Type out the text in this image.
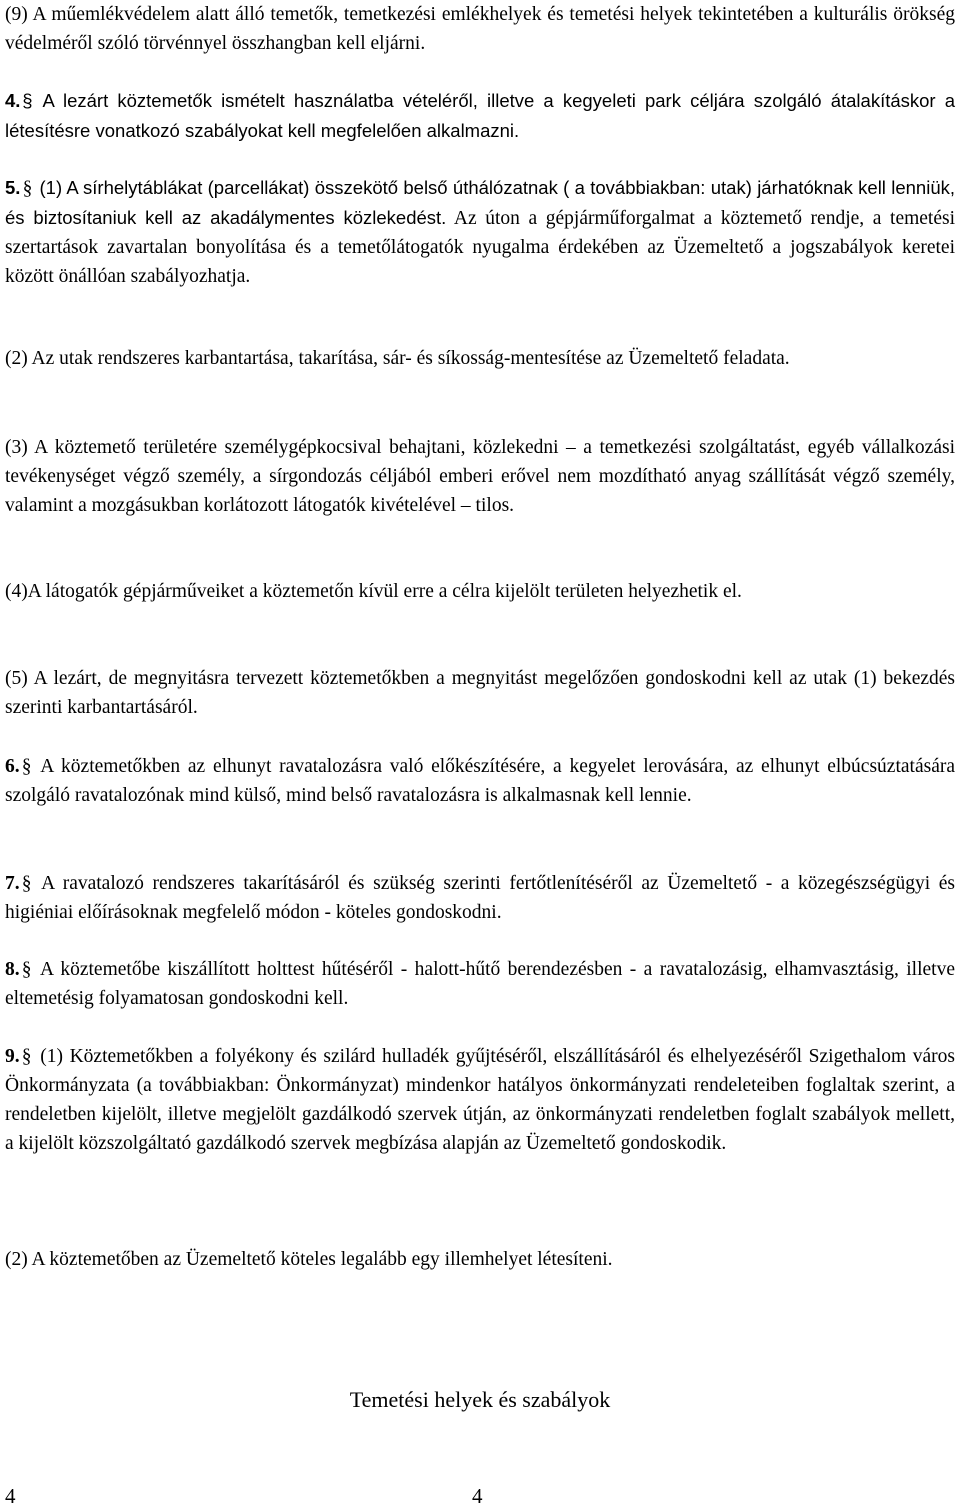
(9) A műemlékvédelem alatt álló temetők, temetkezési emlékhelyek és temetési helyek tekintetében a kulturális örökség védelméről szóló törvénnyel összhangban kell eljárni.

4.§ A lezárt köztemetők ismételt használatba vételéről, illetve a kegyeleti park céljára szolgáló átalakításkor a létesítésre vonatkozó szabályokat kell megfelelően alkalmazni.

5. § (1) A sírhelytáblákat (parcellákat) összekötő belső úthálózatnak ( a továbbiakban: utak) járhatóknak kell lenniük, és biztosítaniuk kell az akadálymentes közlekedést. Az úton a gépjárműforgalmat a köztemető rendje, a temetési szertartások zavartalan bonyolítása és a temetőlátogatók nyugalma érdekében az Üzemeltető a jogszabályok keretei között önállóan szabályozhatja.

(2) Az utak rendszeres karbantartása, takarítása, sár- és síkosság-mentesítése az Üzemeltető feladata.

(3) A köztemető területére személygépkocsival behajtani, közlekedni – a temetkezési szolgáltatást, egyéb vállalkozási tevékenységet végző személy, a sírgondozás céljából emberi erővel nem mozdítható anyag szállítását végző személy, valamint a mozgásukban korlátozott látogatók kivételével – tilos.

(4)A látogatók gépjárműveiket a köztemetőn kívül erre a célra kijelölt területen helyezhetik el.

(5) A lezárt, de megnyitásra tervezett köztemetőkben a megnyitást megelőzően gondoskodni kell az utak (1) bekezdés szerinti karbantartásáról.

6. § A köztemetőkben az elhunyt ravatalozásra való előkészítésére, a kegyelet lerovására, az elhunyt elbúcsúztatására szolgáló ravatalozónak mind külső, mind belső ravatalozásra is alkalmasnak kell lennie.

7. § A ravatalozó rendszeres takarításáról és szükség szerinti fertőtlenítéséről az Üzemeltető - a közegészségügyi és higiéniai előírásoknak megfelelő módon - köteles gondoskodni.

8. § A köztemetőbe kiszállított holttest hűtéséről - halott-hűtő berendezésben - a ravatalozásig, elhamvasztásig, illetve eltemetésig folyamatosan gondoskodni kell.

9. § (1) Köztemetőkben a folyékony és szilárd hulladék gyűjtéséről, elszállításáról és elhelyezéséről Szigethalom város Önkormányzata (a továbbiakban: Önkormányzat) mindenkor hatályos önkormányzati rendeleteiben foglaltak szerint, a rendeletben kijelölt, illetve megjelölt gazdálkodó szervek útján, az önkormányzati rendeletben foglalt szabályok mellett, a kijelölt közszolgáltató gazdálkodó szervek megbízása alapján az Üzemeltető gondoskodik.

(2) A köztemetőben az Üzemeltető köteles legalább egy illemhelyet létesíteni.

Temetési helyek és szabályok
4	4
